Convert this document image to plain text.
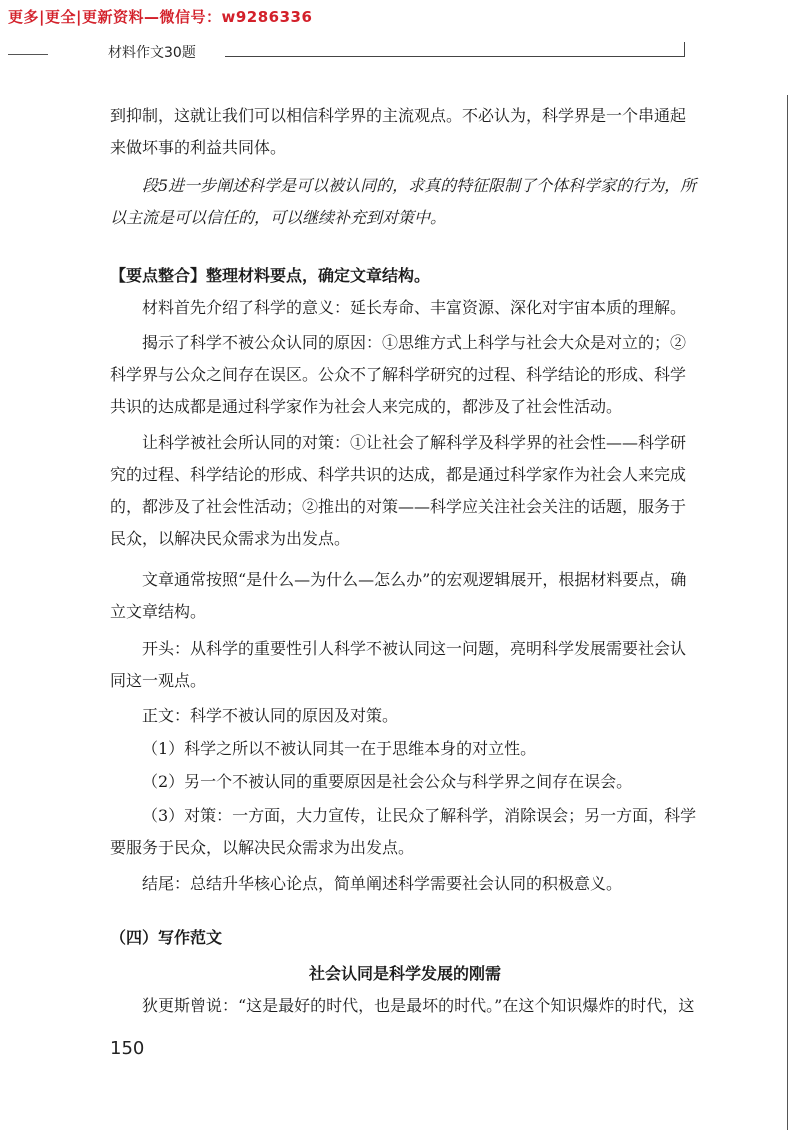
更多|更全|更新资料—微信号：w9286336
材料作文30题

到抑制，这就让我们可以相信科学界的主流观点。不必认为，科学界是一个串通起来做坏事的利益共同体。

段5进一步阐述科学是可以被认同的，求真的特征限制了个体科学家的行为，所以主流是可以信任的，可以继续补充到对策中。

【要点整合】整理材料要点，确定文章结构。

材料首先介绍了科学的意义：延长寿命、丰富资源、深化对宇宙本质的理解。

揭示了科学不被公众认同的原因：①思维方式上科学与社会大众是对立的；②科学界与公众之间存在误区。公众不了解科学研究的过程、科学结论的形成、科学共识的达成都是通过科学家作为社会人来完成的，都涉及了社会性活动。

让科学被社会所认同的对策：①让社会了解科学及科学界的社会性——科学研究的过程、科学结论的形成、科学共识的达成，都是通过科学家作为社会人来完成的，都涉及了社会性活动；②推出的对策——科学应关注社会关注的话题，服务于民众，以解决民众需求为出发点。

文章通常按照“是什么—为什么—怎么办”的宏观逻辑展开，根据材料要点，确立文章结构。

开头：从科学的重要性引人科学不被认同这一问题，亮明科学发展需要社会认同这一观点。

正文：科学不被认同的原因及对策。

（1）科学之所以不被认同其一在于思维本身的对立性。

（2）另一个不被认同的重要原因是社会公众与科学界之间存在误会。

（3）对策：一方面，大力宣传，让民众了解科学，消除误会；另一方面，科学要服务于民众，以解决民众需求为出发点。

结尾：总结升华核心论点，简单阐述科学需要社会认同的积极意义。

（四）写作范文

社会认同是科学发展的刚需

狄更斯曾说：“这是最好的时代，也是最坏的时代。”在这个知识爆炸的时代，这

150
